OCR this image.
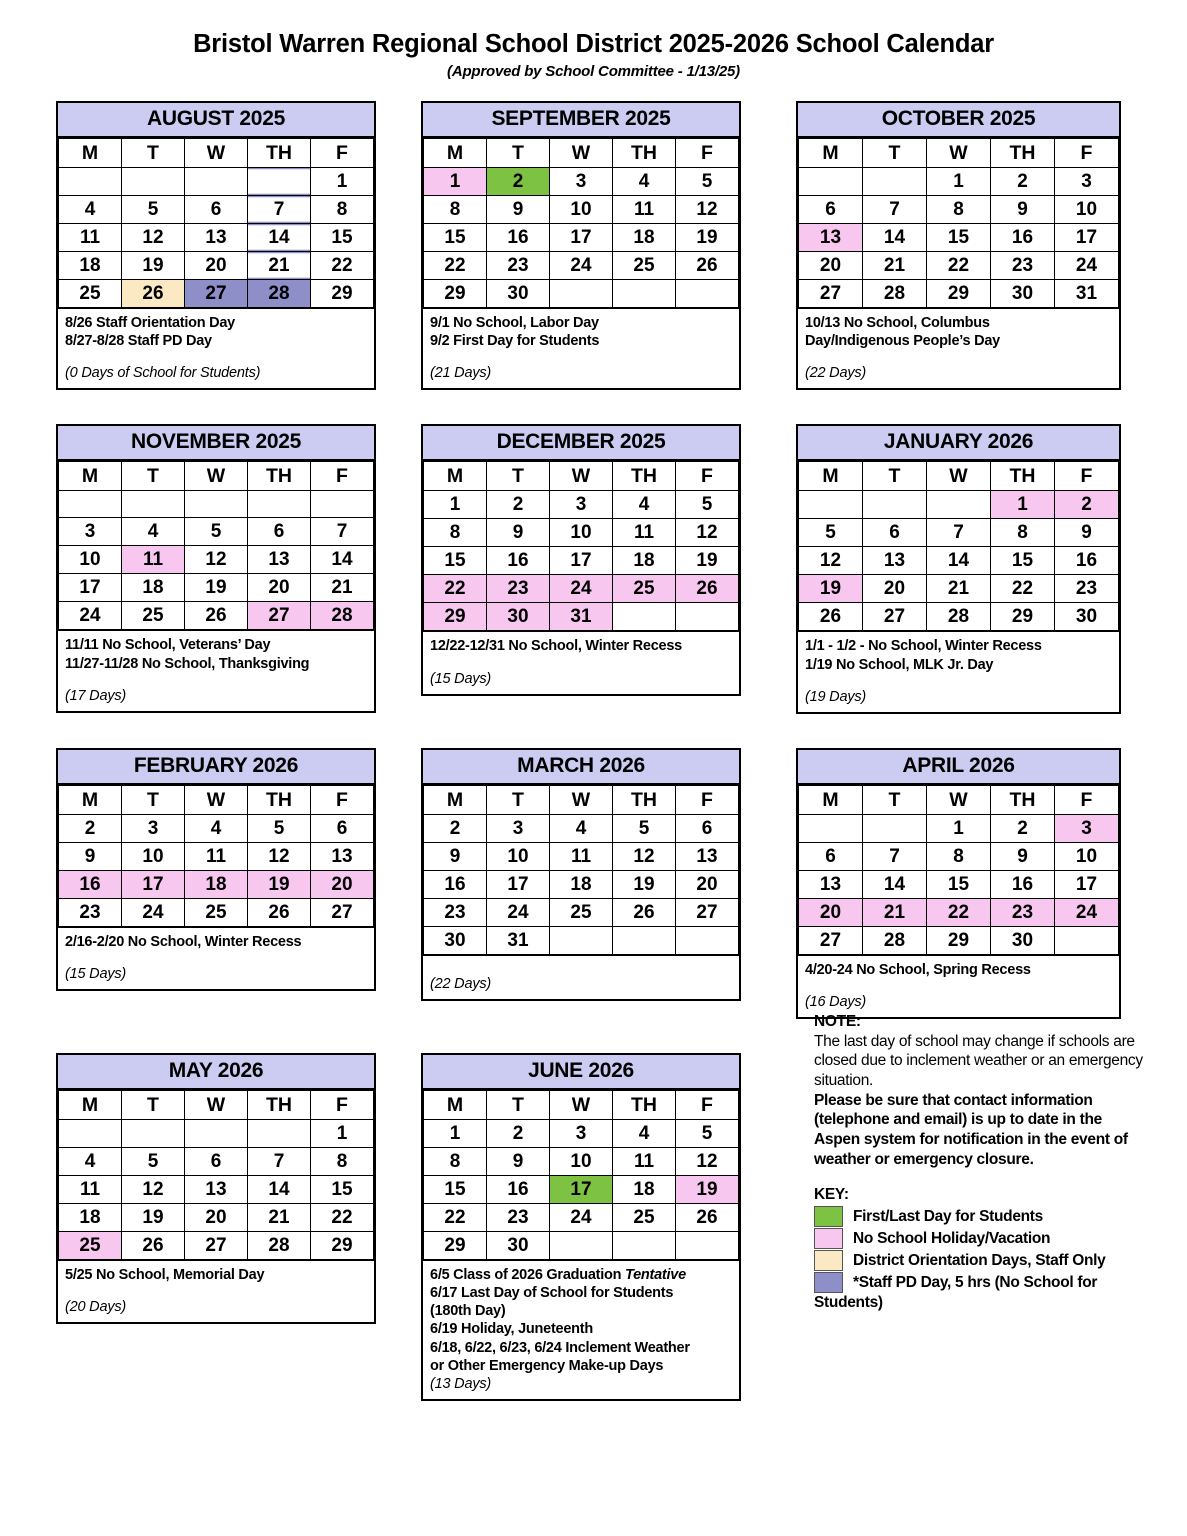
Bristol Warren Regional School District 2025-2026 School Calendar
(Approved by School Committee - 1/13/25)
AUGUST 2025
M	T	W	TH	F
				1
4	5	6	7	8
11	12	13	14	15
18	19	20	21	22
25	26	27	28	29
8/26 Staff Orientation Day
8/27-8/28 Staff PD Day
(0 Days of School for Students)
SEPTEMBER 2025
M	T	W	TH	F
1	2	3	4	5
8	9	10	11	12
15	16	17	18	19
22	23	24	25	26
29	30			
9/1 No School, Labor Day
9/2 First Day for Students
(21 Days)
OCTOBER 2025
M	T	W	TH	F
		1	2	3
6	7	8	9	10
13	14	15	16	17
20	21	22	23	24
27	28	29	30	31
10/13 No School, Columbus
Day/Indigenous People’s Day
(22 Days)
NOVEMBER 2025
M	T	W	TH	F

3	4	5	6	7
10	11	12	13	14
17	18	19	20	21
24	25	26	27	28
11/11 No School, Veterans’ Day
11/27-11/28 No School, Thanksgiving
(17 Days)
DECEMBER 2025
M	T	W	TH	F
1	2	3	4	5
8	9	10	11	12
15	16	17	18	19
22	23	24	25	26
29	30	31		
12/22-12/31 No School, Winter Recess
(15 Days)
JANUARY 2026
M	T	W	TH	F
			1	2
5	6	7	8	9
12	13	14	15	16
19	20	21	22	23
26	27	28	29	30
1/1 - 1/2 - No School, Winter Recess
1/19 No School, MLK Jr. Day
(19 Days)
FEBRUARY 2026
M	T	W	TH	F
2	3	4	5	6
9	10	11	12	13
16	17	18	19	20
23	24	25	26	27
2/16-2/20 No School, Winter Recess
(15 Days)
MARCH 2026
M	T	W	TH	F
2	3	4	5	6
9	10	11	12	13
16	17	18	19	20
23	24	25	26	27
30	31			
(22 Days)
APRIL 2026
M	T	W	TH	F
		1	2	3
6	7	8	9	10
13	14	15	16	17
20	21	22	23	24
27	28	29	30	
4/20-24 No School, Spring Recess
(16 Days)
MAY 2026
M	T	W	TH	F
				1
4	5	6	7	8
11	12	13	14	15
18	19	20	21	22
25	26	27	28	29
5/25 No School, Memorial Day
(20 Days)
JUNE 2026
M	T	W	TH	F
1	2	3	4	5
8	9	10	11	12
15	16	17	18	19
22	23	24	25	26
29	30			
6/5 Class of 2026 Graduation Tentative
6/17 Last Day of School for Students
(180th Day)
6/19 Holiday, Juneteenth
6/18, 6/22, 6/23, 6/24 Inclement Weather
or Other Emergency Make-up Days
(13 Days)
NOTE:
The last day of school may change if schools are closed due to inclement weather or an emergency situation.
Please be sure that contact information (telephone and email) is up to date in the Aspen system for notification in the event of weather or emergency closure.
KEY:
First/Last Day for Students
No School Holiday/Vacation
District Orientation Days, Staff Only
*Staff PD Day, 5 hrs (No School for
Students)
